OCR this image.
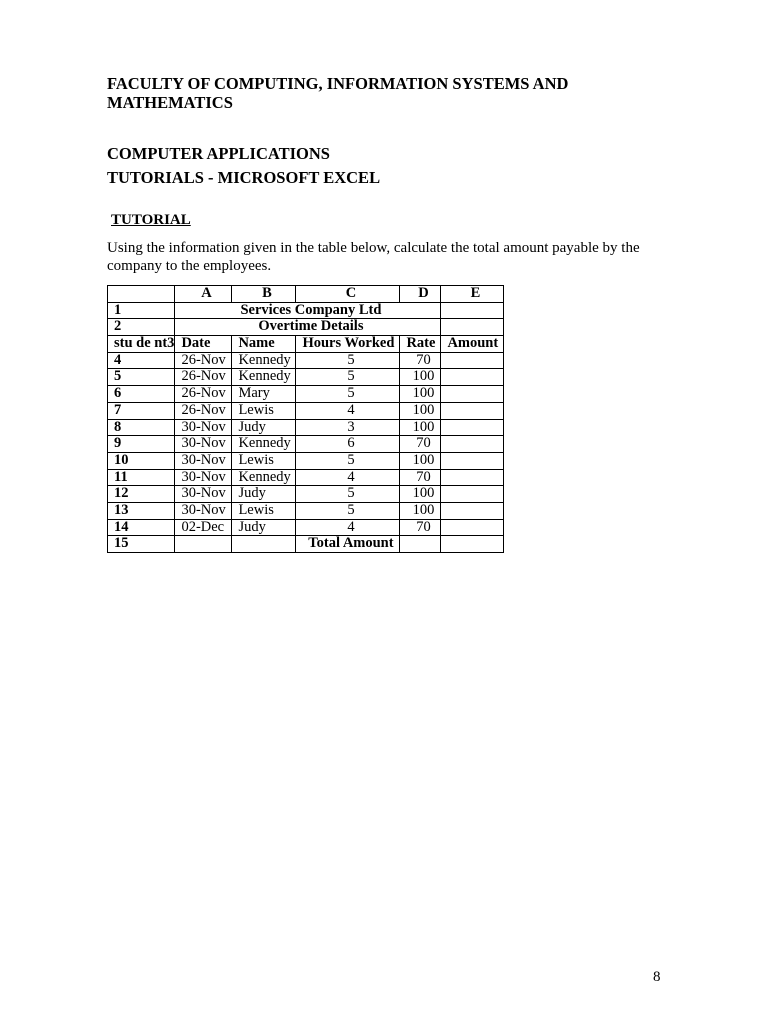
FACULTY OF COMPUTING, INFORMATION SYSTEMS AND MATHEMATICS
COMPUTER APPLICATIONS
TUTORIALS - MICROSOFT EXCEL
TUTORIAL
Using the information given in the table below, calculate the total amount payable by the company to the employees.
	A	B	C	D	E
1	Services Company Ltd				
2	Overtime Details				
stu de nt3	Date	Name	Hours Worked	Rate	Amount
4	26-Nov	Kennedy	5	70	
5	26-Nov	Kennedy	5	100	
6	26-Nov	Mary	5	100	
7	26-Nov	Lewis	4	100	
8	30-Nov	Judy	3	100	
9	30-Nov	Kennedy	6	70	
10	30-Nov	Lewis	5	100	
11	30-Nov	Kennedy	4	70	
12	30-Nov	Judy	5	100	
13	30-Nov	Lewis	5	100	
14	02-Dec	Judy	4	70	
15			Total Amount		
8
